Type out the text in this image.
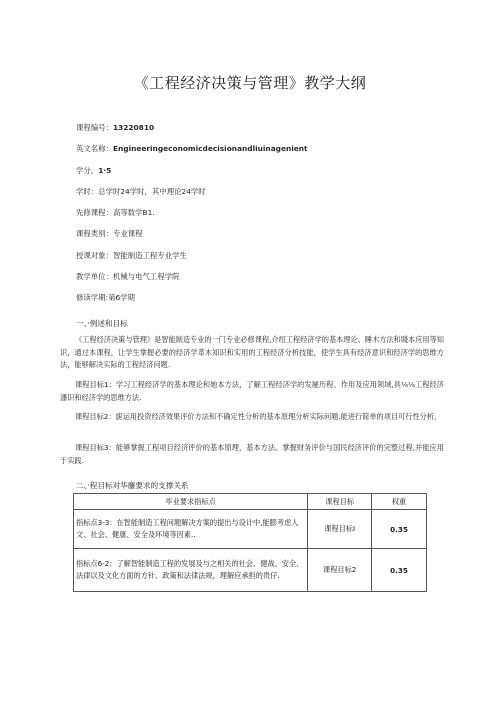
《工程经济决策与管理》教学大纲
课程编号：13220810
英文名称：Engineeringeconomicdecisionandliuinagenient
学分，1·5
学时：总学时24学时，其中理论24学时
先修课程：高等数学B1.
课程类别：专业课程
授课对象：智能制造工程专业学生
教学单位：机械与电气工程学院
修读学期:第6学期
一、·例述和目标

《工程经济决策与管理》是智能制造专业的一门专业必修课程,介绍工程经济学的基本理论、睡木方法和賤本应用等知识，通过本课程，让学生掌握必要的经济学革木知识和实用的工程经济分析技能，使学生具有经济意识和经济学的思维方法，能够解决实际的工程经济问题.

课程目标1：学习工程经济学的基本理论和她本方法，了解工程经济学的发屣历程、作用及应用领域,具⅛⅛工程经济潘识和经济学的思维方法.

课程目标2：旎运用投资经济效果评价方法和不确定性分析的基本原理分析实际问题.能进行简单的项目可行性分析，

课程目标3：能够掌握工程项目经济评价的基本原理，基本方法。掌握财务评价与国民经济评价的完整过程,并能应用于实践.

二、·程目标对华鏖要求的支撑关系
毕业要求指标点	课程目标	权重
指标点3-3：在智能制造工程问题解决方案的提出与设计中,能膨考虑人文、社会、健康、安全及环境等因素..	课程目标I	0.35
指标点6-2：了解智能制造工程的发展及与之相关的社会、健战、安全、法律以及文化方面的方针、政策和法律法规，理解应承担的贵仔.	课程目标2	0.35
